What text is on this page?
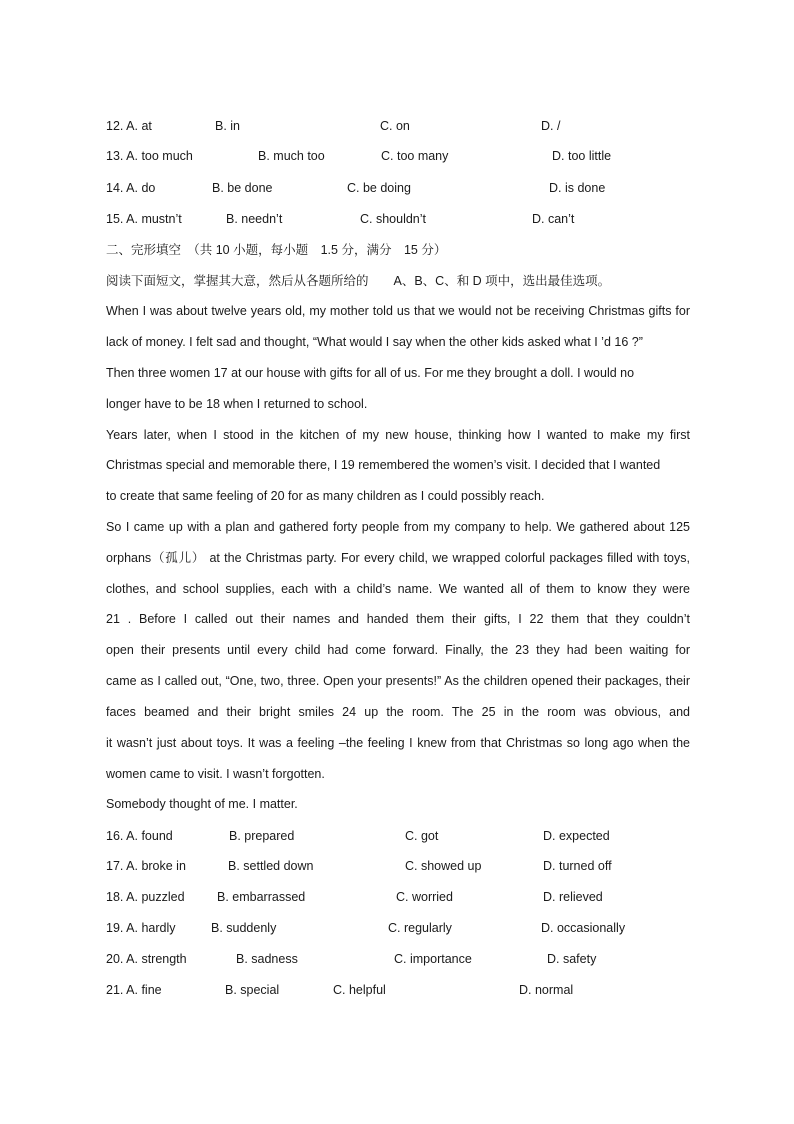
12. A. at	B. in	C. on	D. /
13. A. too much	B. much too	C. too many	D. too little
14. A. do	B. be done	C. be doing	D. is done
15. A. mustn’t	B. needn’t	C. shouldn’t	D. can’t
二、完形填空　（共 10 小题，每小题　1.5 分，满分　15 分）
阅读下面短文，掌握其大意，然后从各题所给的　　A、B、C、和 D 项中，选出最佳选项。
When I was about twelve years old, my mother told us that we would not be receiving Christmas gifts for
lack of money. I felt sad and thought, “What would I say when the other kids asked what I ’d 16 ?”
Then three women 17 at our house with gifts for all of us. For me they brought a doll. I would no
longer have to be 18 when I returned to school.
Years later, when I stood in the kitchen of my new house, thinking how I wanted to make my first
Christmas special and memorable there, I 19 remembered the women’s visit. I decided that I wanted
to create that same feeling of 20 for as many children as I could possibly reach.
So I came up with a plan and gathered forty people from my company to help. We gathered about 125
orphans（孤儿） at the Christmas party. For every child, we wrapped colorful packages filled with toys,
clothes, and school supplies, each with a child’s name. We wanted all of them to know they were
21 . Before I called out their names and handed them their gifts, I 22 them that they couldn’t
open their presents until every child had come forward. Finally, the 23 they had been waiting for
came as I called out, “One, two, three. Open your presents!” As the children opened their packages, their
faces beamed and their bright smiles 24 up the room. The 25 in the room was obvious, and
it wasn’t just about toys. It was a feeling –the feeling I knew from that Christmas so long ago when the
women came to visit. I wasn’t forgotten.
Somebody thought of me. I matter.
16. A. found	B. prepared	C. got	D. expected
17. A. broke in	B. settled down	C. showed up	D. turned off
18. A. puzzled	B. embarrassed	C. worried	D. relieved
19. A. hardly	B. suddenly	C. regularly	D. occasionally
20. A. strength	B. sadness	C. importance	D. safety
21. A. fine	B. special	C. helpful	D. normal
